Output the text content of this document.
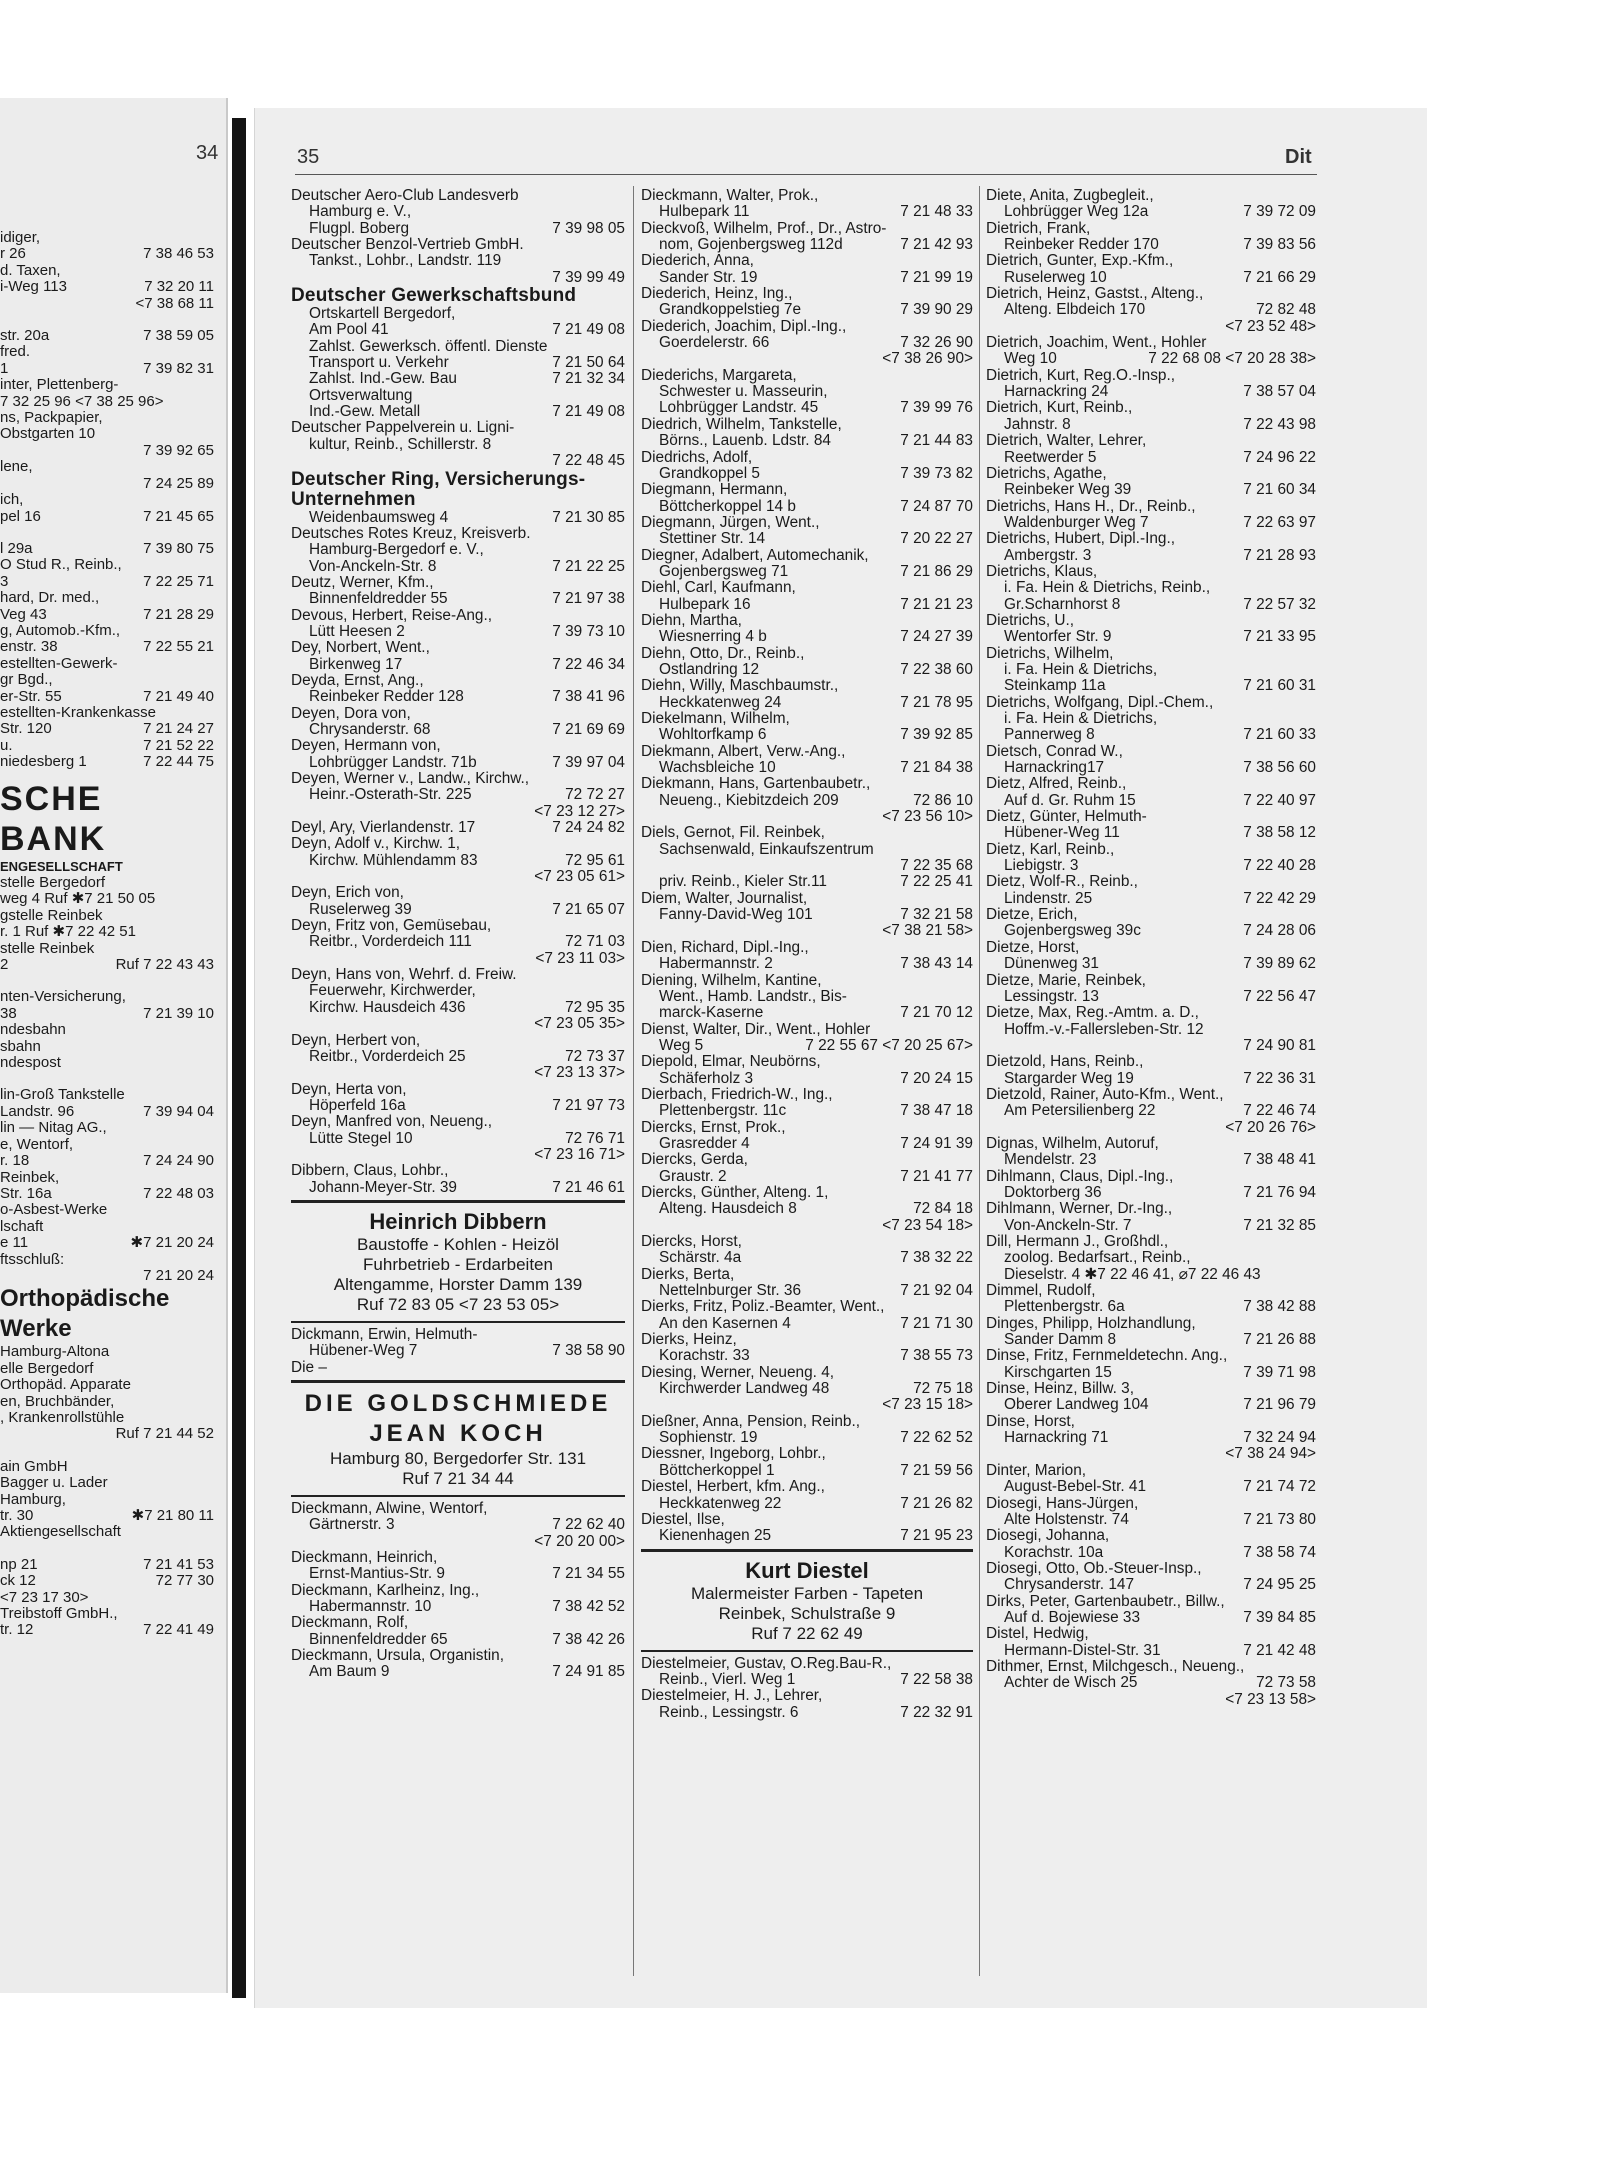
34
idiger,
r 26	7 38 46 53
d. Taxen,
i-Weg 113	7 32 20 11
<7 38 68 11
str. 20a	7 38 59 05
fred.
1	7 39 82 31
inter, Plettenberg-
7 32 25 96 <7 38 25 96>
ns, Packpapier,
Obstgarten 10
7 39 92 65
lene,
7 24 25 89
ich,
pel 16	7 21 45 65
l 29a	7 39 80 75
O Stud R., Reinb.,
3	7 22 25 71
hard, Dr. med.,
Veg 43	7 21 28 29
g, Automob.-Kfm.,
enstr. 38	7 22 55 21
estellten-Gewerk-
gr Bgd.,
er-Str. 55	7 21 49 40
estellten-Krankenkasse
Str. 120	7 21 24 27
u.	7 21 52 22
niedesberg 1	7 22 44 75
SCHE BANK
ENGESELLSCHAFT
stelle Bergedorf
weg 4 Ruf ✱7 21 50 05
gstelle Reinbek
r. 1 Ruf ✱7 22 42 51
stelle Reinbek
2	Ruf 7 22 43 43
nten-Versicherung,
38	7 21 39 10
ndesbahn
sbahn
ndespost
lin-Groß Tankstelle
Landstr. 96	7 39 94 04
lin — Nitag AG.,
e, Wentorf,
r. 18	7 24 24 90
Reinbek,
Str. 16a	7 22 48 03
o-Asbest-Werke
lschaft
e 11	✱7 21 20 24
ftsschluß:
7 21 20 24
Orthopädische
Werke
Hamburg-Altona
elle Bergedorf
Orthopäd. Apparate
en, Bruchbänder,
, Krankenrollstühle
Ruf 7 21 44 52
ain GmbH
Bagger u. Lader
Hamburg,
tr. 30	✱7 21 80 11
Aktiengesellschaft
np 21	7 21 41 53
ck 12	72 77 30
<7 23 17 30>
Treibstoff GmbH.,
tr. 12	7 22 41 49
35	Dit
Deutscher Aero-Club Landesverb
Hamburg e. V.,
Flugpl. Boberg	7 39 98 05
Deutscher Benzol-Vertrieb GmbH.
Tankst., Lohbr., Landstr. 119
7 39 99 49
Deutscher Gewerkschaftsbund
Ortskartell Bergedorf,
Am Pool 41	7 21 49 08
Zahlst. Gewerksch. öffentl. Dienste
Transport u. Verkehr	7 21 50 64
Zahlst. Ind.-Gew. Bau	7 21 32 34
Ortsverwaltung
Ind.-Gew. Metall	7 21 49 08
Deutscher Pappelverein u. Ligni-
kultur, Reinb., Schillerstr. 8
7 22 48 45
Deutscher Ring, Versicherungs-
Unternehmen
Weidenbaumsweg 4	7 21 30 85
Deutsches Rotes Kreuz, Kreisverb.
Hamburg-Bergedorf e. V.,
Von-Anckeln-Str. 8	7 21 22 25
Deutz, Werner, Kfm.,
Binnenfeldredder 55	7 21 97 38
Devous, Herbert, Reise-Ang.,
Lütt Heesen 2	7 39 73 10
Dey, Norbert, Went.,
Birkenweg 17	7 22 46 34
Deyda, Ernst, Ang.,
Reinbeker Redder 128	7 38 41 96
Deyen, Dora von,
Chrysanderstr. 68	7 21 69 69
Deyen, Hermann von,
Lohbrügger Landstr. 71b	7 39 97 04
Deyen, Werner v., Landw., Kirchw.,
Heinr.-Osterath-Str. 225	72 72 27
<7 23 12 27>
Deyl, Ary, Vierlandenstr. 17	7 24 24 82
Deyn, Adolf v., Kirchw. 1,
Kirchw. Mühlendamm 83	72 95 61
<7 23 05 61>
Deyn, Erich von,
Ruselerweg 39	7 21 65 07
Deyn, Fritz von, Gemüsebau,
Reitbr., Vorderdeich 111	72 71 03
<7 23 11 03>
Deyn, Hans von, Wehrf. d. Freiw.
Feuerwehr, Kirchwerder,
Kirchw. Hausdeich 436	72 95 35
<7 23 05 35>
Deyn, Herbert von,
Reitbr., Vorderdeich 25	72 73 37
<7 23 13 37>
Deyn, Herta von,
Höperfeld 16a	7 21 97 73
Deyn, Manfred von, Neueng.,
Lütte Stegel 10	72 76 71
<7 23 16 71>
Dibbern, Claus, Lohbr.,
Johann-Meyer-Str. 39	7 21 46 61
Heinrich Dibbern
Baustoffe - Kohlen - Heizöl
Fuhrbetrieb - Erdarbeiten
Altengamme, Horster Damm 139
Ruf 72 83 05 <7 23 53 05>
Dickmann, Erwin, Helmuth-
Hübener-Weg 7	7 38 58 90
Die –
DIE GOLDSCHMIEDE
JEAN KOCH
Hamburg 80, Bergedorfer Str. 131
Ruf 7 21 34 44
Dieckmann, Alwine, Wentorf,
Gärtnerstr. 3	7 22 62 40
<7 20 20 00>
Dieckmann, Heinrich,
Ernst-Mantius-Str. 9	7 21 34 55
Dieckmann, Karlheinz, Ing.,
Habermannstr. 10	7 38 42 52
Dieckmann, Rolf,
Binnenfeldredder 65	7 38 42 26
Dieckmann, Ursula, Organistin,
Am Baum 9	7 24 91 85
Dieckmann, Walter, Prok.,
Hulbepark 11	7 21 48 33
Dieckvoß, Wilhelm, Prof., Dr., Astro-
nom, Gojenbergsweg 112d	7 21 42 93
Diederich, Anna,
Sander Str. 19	7 21 99 19
Diederich, Heinz, Ing.,
Grandkoppelstieg 7e	7 39 90 29
Diederich, Joachim, Dipl.-Ing.,
Goerdelerstr. 66	7 32 26 90
<7 38 26 90>
Diederichs, Margareta,
Schwester u. Masseurin,
Lohbrügger Landstr. 45	7 39 99 76
Diedrich, Wilhelm, Tankstelle,
Börns., Lauenb. Ldstr. 84	7 21 44 83
Diedrichs, Adolf,
Grandkoppel 5	7 39 73 82
Diegmann, Hermann,
Böttcherkoppel 14 b	7 24 87 70
Diegmann, Jürgen, Went.,
Stettiner Str. 14	7 20 22 27
Diegner, Adalbert, Automechanik,
Gojenbergsweg 71	7 21 86 29
Diehl, Carl, Kaufmann,
Hulbepark 16	7 21 21 23
Diehn, Martha,
Wiesnerring 4 b	7 24 27 39
Diehn, Otto, Dr., Reinb.,
Ostlandring 12	7 22 38 60
Diehn, Willy, Maschbaumstr.,
Heckkatenweg 24	7 21 78 95
Diekelmann, Wilhelm,
Wohltorfkamp 6	7 39 92 85
Diekmann, Albert, Verw.-Ang.,
Wachsbleiche 10	7 21 84 38
Diekmann, Hans, Gartenbaubetr.,
Neueng., Kiebitzdeich 209	72 86 10
<7 23 56 10>
Diels, Gernot, Fil. Reinbek,
Sachsenwald, Einkaufszentrum
7 22 35 68
priv. Reinb., Kieler Str.11	7 22 25 41
Diem, Walter, Journalist,
Fanny-David-Weg 101	7 32 21 58
<7 38 21 58>
Dien, Richard, Dipl.-Ing.,
Habermannstr. 2	7 38 43 14
Diening, Wilhelm, Kantine,
Went., Hamb. Landstr., Bis-
marck-Kaserne	7 21 70 12
Dienst, Walter, Dir., Went., Hohler
Weg 5	7 22 55 67 <7 20 25 67>
Diepold, Elmar, Neubörns,
Schäferholz 3	7 20 24 15
Dierbach, Friedrich-W., Ing.,
Plettenbergstr. 11c	7 38 47 18
Diercks, Ernst, Prok.,
Grasredder 4	7 24 91 39
Diercks, Gerda,
Graustr. 2	7 21 41 77
Diercks, Günther, Alteng. 1,
Alteng. Hausdeich 8	72 84 18
<7 23 54 18>
Diercks, Horst,
Schärstr. 4a	7 38 32 22
Dierks, Berta,
Nettelnburger Str. 36	7 21 92 04
Dierks, Fritz, Poliz.-Beamter, Went.,
An den Kasernen 4	7 21 71 30
Dierks, Heinz,
Korachstr. 33	7 38 55 73
Diesing, Werner, Neueng. 4,
Kirchwerder Landweg 48	72 75 18
<7 23 15 18>
Dießner, Anna, Pension, Reinb.,
Sophienstr. 19	7 22 62 52
Diessner, Ingeborg, Lohbr.,
Böttcherkoppel 1	7 21 59 56
Diestel, Herbert, kfm. Ang.,
Heckkatenweg 22	7 21 26 82
Diestel, Ilse,
Kienenhagen 25	7 21 95 23
Kurt Diestel
Malermeister Farben - Tapeten
Reinbek, Schulstraße 9
Ruf 7 22 62 49
Diestelmeier, Gustav, O.Reg.Bau-R.,
Reinb., Vierl. Weg 1	7 22 58 38
Diestelmeier, H. J., Lehrer,
Reinb., Lessingstr. 6	7 22 32 91
Diete, Anita, Zugbegleit.,
Lohbrügger Weg 12a	7 39 72 09
Dietrich, Frank,
Reinbeker Redder 170	7 39 83 56
Dietrich, Gunter, Exp.-Kfm.,
Ruselerweg 10	7 21 66 29
Dietrich, Heinz, Gastst., Alteng.,
Alteng. Elbdeich 170	72 82 48
<7 23 52 48>
Dietrich, Joachim, Went., Hohler
Weg 10	7 22 68 08 <7 20 28 38>
Dietrich, Kurt, Reg.O.-Insp.,
Harnackring 24	7 38 57 04
Dietrich, Kurt, Reinb.,
Jahnstr. 8	7 22 43 98
Dietrich, Walter, Lehrer,
Reetwerder 5	7 24 96 22
Dietrichs, Agathe,
Reinbeker Weg 39	7 21 60 34
Dietrichs, Hans H., Dr., Reinb.,
Waldenburger Weg 7	7 22 63 97
Dietrichs, Hubert, Dipl.-Ing.,
Ambergstr. 3	7 21 28 93
Dietrichs, Klaus,
i. Fa. Hein & Dietrichs, Reinb.,
Gr.Scharnhorst 8	7 22 57 32
Dietrichs, U.,
Wentorfer Str. 9	7 21 33 95
Dietrichs, Wilhelm,
i. Fa. Hein & Dietrichs,
Steinkamp 11a	7 21 60 31
Dietrichs, Wolfgang, Dipl.-Chem.,
i. Fa. Hein & Dietrichs,
Pannerweg 8	7 21 60 33
Dietsch, Conrad W.,
Harnackring17	7 38 56 60
Dietz, Alfred, Reinb.,
Auf d. Gr. Ruhm 15	7 22 40 97
Dietz, Günter, Helmuth-
Hübener-Weg 11	7 38 58 12
Dietz, Karl, Reinb.,
Liebigstr. 3	7 22 40 28
Dietz, Wolf-R., Reinb.,
Lindenstr. 25	7 22 42 29
Dietze, Erich,
Gojenbergsweg 39c	7 24 28 06
Dietze, Horst,
Dünenweg 31	7 39 89 62
Dietze, Marie, Reinbek,
Lessingstr. 13	7 22 56 47
Dietze, Max, Reg.-Amtm. a. D.,
Hoffm.-v.-Fallersleben-Str. 12
7 24 90 81
Dietzold, Hans, Reinb.,
Stargarder Weg 19	7 22 36 31
Dietzold, Rainer, Auto-Kfm., Went.,
Am Petersilienberg 22	7 22 46 74
<7 20 26 76>
Dignas, Wilhelm, Autoruf,
Mendelstr. 23	7 38 48 41
Dihlmann, Claus, Dipl.-Ing.,
Doktorberg 36	7 21 76 94
Dihlmann, Werner, Dr.-Ing.,
Von-Anckeln-Str. 7	7 21 32 85
Dill, Hermann J., Großhdl.,
zoolog. Bedarfsart., Reinb.,
Dieselstr. 4 ✱7 22 46 41, ⌀7 22 46 43
Dimmel, Rudolf,
Plettenbergstr. 6a	7 38 42 88
Dinges, Philipp, Holzhandlung,
Sander Damm 8	7 21 26 88
Dinse, Fritz, Fernmeldetechn. Ang.,
Kirschgarten 15	7 39 71 98
Dinse, Heinz, Billw. 3,
Oberer Landweg 104	7 21 96 79
Dinse, Horst,
Harnackring 71	7 32 24 94
<7 38 24 94>
Dinter, Marion,
August-Bebel-Str. 41	7 21 74 72
Diosegi, Hans-Jürgen,
Alte Holstenstr. 74	7 21 73 80
Diosegi, Johanna,
Korachstr. 10a	7 38 58 74
Diosegi, Otto, Ob.-Steuer-Insp.,
Chrysanderstr. 147	7 24 95 25
Dirks, Peter, Gartenbaubetr., Billw.,
Auf d. Bojewiese 33	7 39 84 85
Distel, Hedwig,
Hermann-Distel-Str. 31	7 21 42 48
Dithmer, Ernst, Milchgesch., Neueng.,
Achter de Wisch 25	72 73 58
<7 23 13 58>
